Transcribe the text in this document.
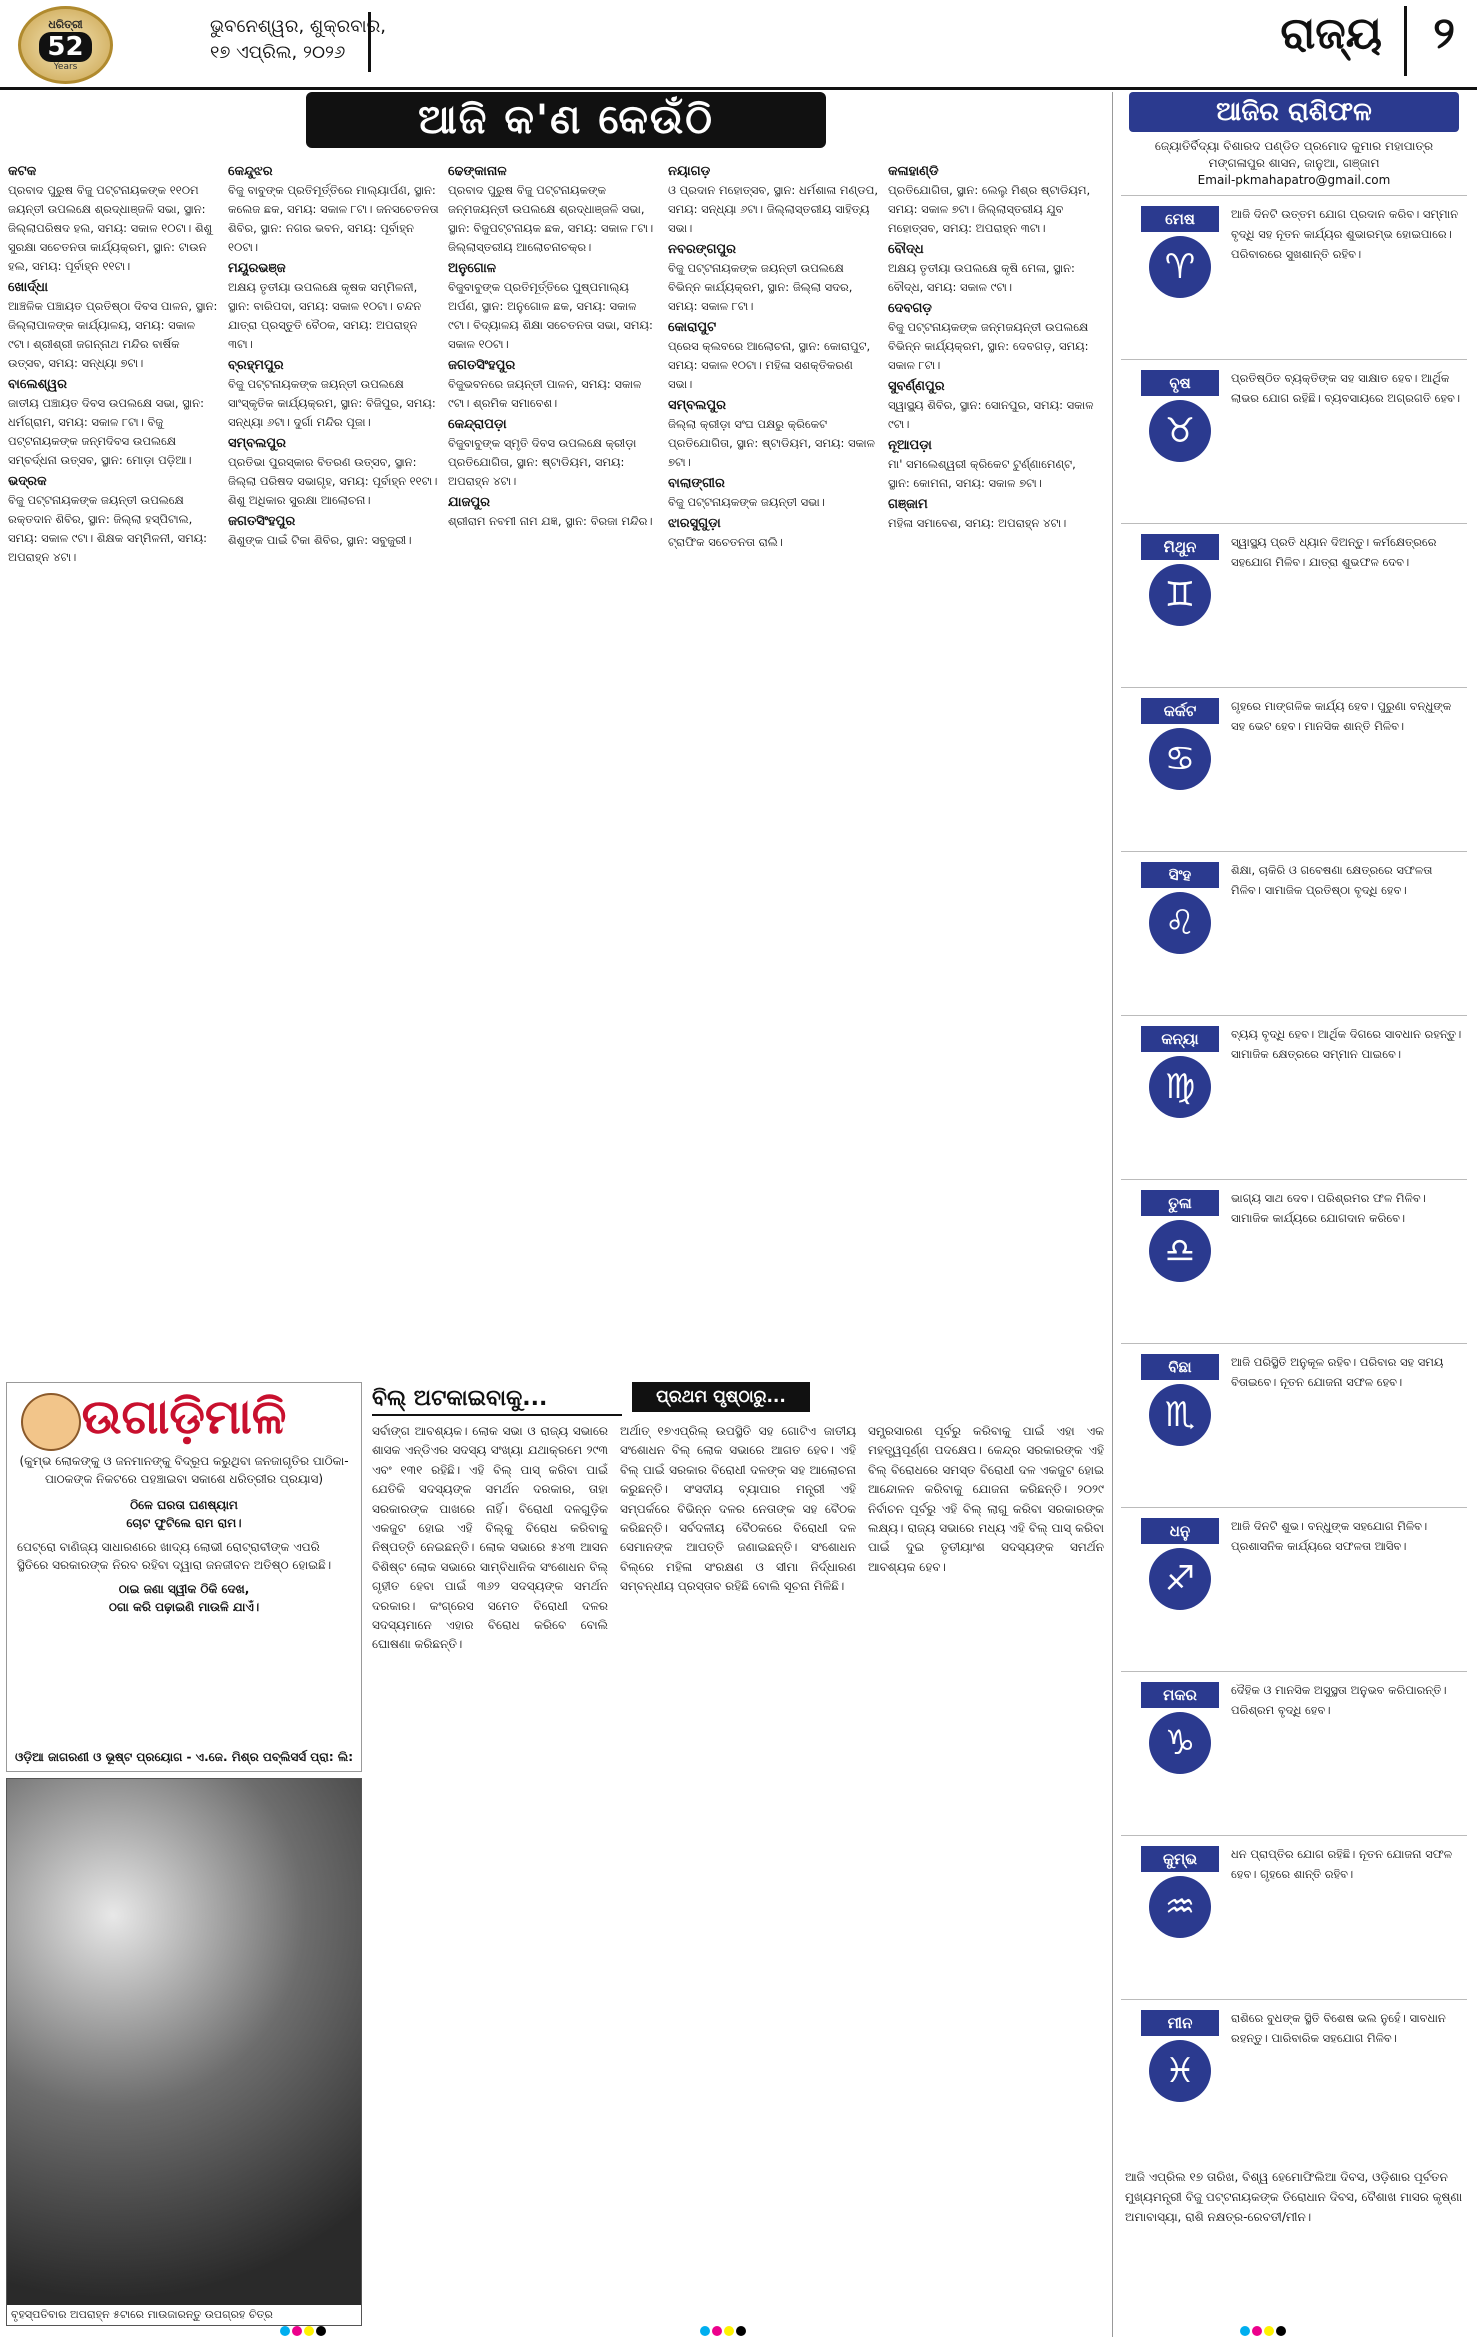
ଧରିତ୍ରୀ
52
Years
ଭୁବନେଶ୍ୱର, ଶୁକ୍ରବାର,
୧୭ ଏପ୍ରିଲ, ୨୦୨୬	ରାଜ୍ୟ ୨
ଆଜି କ'ଣ କେଉଁଠି
କଟକ

ପ୍ରବାଦ ପୁରୁଷ ବିଜୁ ପଟ୍ଟନାୟକଙ୍କ ୧୧୦ମ ଜୟନ୍ତୀ ଉପଲକ୍ଷେ ଶ୍ରଦ୍ଧାଞ୍ଜଳି ସଭା, ସ୍ଥାନ: ଜିଲ୍ଲାପରିଷଦ ହଲ, ସମୟ: ସକାଳ ୧୦ଟା। ଶିଶୁ ସୁରକ୍ଷା ସଚେତନତା କାର୍ଯ୍ୟକ୍ରମ, ସ୍ଥାନ: ଟାଉନ ହଲ, ସମୟ: ପୂର୍ବାହ୍ନ ୧୧ଟା।

ଖୋର୍ଦ୍ଧା

ଆଞ୍ଚଳିକ ପଞ୍ଚାୟତ ପ୍ରତିଷ୍ଠା ଦିବସ ପାଳନ, ସ୍ଥାନ: ଜିଲ୍ଲାପାଳଙ୍କ କାର୍ଯ୍ୟାଳୟ, ସମୟ: ସକାଳ ୯ଟା। ଶ୍ରୀଶ୍ରୀ ଜଗନ୍ନାଥ ମନ୍ଦିର ବାର୍ଷିକ ଉତ୍ସବ, ସମୟ: ସନ୍ଧ୍ୟା ୭ଟା।

ବାଲେଶ୍ୱର

ଜାତୀୟ ପଞ୍ଚାୟତ ଦିବସ ଉପଲକ୍ଷେ ସଭା, ସ୍ଥାନ: ଧର୍ମଗ୍ରାମ, ସମୟ: ସକାଳ ୮ଟା। ବିଜୁ ପଟ୍ଟନାୟକଙ୍କ ଜନ୍ମଦିବସ ଉପଲକ୍ଷେ ସମ୍ବର୍ଦ୍ଧନା ଉତ୍ସବ, ସ୍ଥାନ: ମୋଡ଼ା ପଡ଼ିଆ।

ଭଦ୍ରକ

ବିଜୁ ପଟ୍ଟନାୟକଙ୍କ ଜୟନ୍ତୀ ଉପଲକ୍ଷେ ରକ୍ତଦାନ ଶିବିର, ସ୍ଥାନ: ଜିଲ୍ଲା ହସ୍ପିଟାଲ, ସମୟ: ସକାଳ ୯ଟା। ଶିକ୍ଷକ ସମ୍ମିଳନୀ, ସମୟ: ଅପରାହ୍ନ ୪ଟା।

କେନ୍ଦୁଝର

ବିଜୁ ବାବୁଙ୍କ ପ୍ରତିମୂର୍ତ୍ତିରେ ମାଲ୍ୟାର୍ପଣ, ସ୍ଥାନ: କଲେଜ ଛକ, ସମୟ: ସକାଳ ୮ଟା। ଜନସଚେତନତା ଶିବିର, ସ୍ଥାନ: ନଗର ଭବନ, ସମୟ: ପୂର୍ବାହ୍ନ ୧୦ଟା।

ମୟୂରଭଞ୍ଜ

ଅକ୍ଷୟ ତୃତୀୟା ଉପଲକ୍ଷେ କୃଷକ ସମ୍ମିଳନୀ, ସ୍ଥାନ: ବାରିପଦା, ସମୟ: ସକାଳ ୧୦ଟା। ଚନ୍ଦନ ଯାତ୍ରା ପ୍ରସ୍ତୁତି ବୈଠକ, ସମୟ: ଅପରାହ୍ନ ୩ଟା।

ବ୍ରହ୍ମପୁର

ବିଜୁ ପଟ୍ଟନାୟକଙ୍କ ଜୟନ୍ତୀ ଉପଲକ୍ଷେ ସାଂସ୍କୃତିକ କାର୍ଯ୍ୟକ୍ରମ, ସ୍ଥାନ: ବିଜିପୁର, ସମୟ: ସନ୍ଧ୍ୟା ୬ଟା। ଦୁର୍ଗା ମନ୍ଦିର ପୂଜା।

ସମ୍ବଲପୁର

ପ୍ରତିଭା ପୁରସ୍କାର ବିତରଣ ଉତ୍ସବ, ସ୍ଥାନ: ଜିଲ୍ଲା ପରିଷଦ ସଭାଗୃହ, ସମୟ: ପୂର୍ବାହ୍ନ ୧୧ଟା। ଶିଶୁ ଅଧିକାର ସୁରକ୍ଷା ଆଲୋଚନା।

ଜଗତସିଂହପୁର

ଶିଶୁଙ୍କ ପାଇଁ ଟିକା ଶିବିର, ସ୍ଥାନ: ସବୁଜୁରୀ।

ଢେଙ୍କାନାଳ

ପ୍ରବାଦ ପୁରୁଷ ବିଜୁ ପଟ୍ଟନାୟକଙ୍କ ଜନ୍ମଜୟନ୍ତୀ ଉପଲକ୍ଷେ ଶ୍ରଦ୍ଧାଞ୍ଜଳି ସଭା, ସ୍ଥାନ: ବିଜୁପଟ୍ଟନାୟକ ଛକ, ସମୟ: ସକାଳ ୮ଟା। ଜିଲ୍ଲାସ୍ତରୀୟ ଆଲୋଚନାଚକ୍ର।

ଅନୁଗୋଳ

ବିଜୁବାବୁଙ୍କ ପ୍ରତିମୂର୍ତ୍ତିରେ ପୁଷ୍ପମାଲ୍ୟ ଅର୍ପଣ, ସ୍ଥାନ: ଅନୁଗୋଳ ଛକ, ସମୟ: ସକାଳ ୯ଟା। ବିଦ୍ୟାଳୟ ଶିକ୍ଷା ସଚେତନତା ସଭା, ସମୟ: ସକାଳ ୧୦ଟା।

ଜଗତସିଂହପୁର

ବିଜୁଭବନରେ ଜୟନ୍ତୀ ପାଳନ, ସମୟ: ସକାଳ ୯ଟା। ଶ୍ରମିକ ସମାବେଶ।

କେନ୍ଦ୍ରାପଡ଼ା

ବିଜୁବାବୁଙ୍କ ସ୍ମୃତି ଦିବସ ଉପଲକ୍ଷେ କ୍ରୀଡ଼ା ପ୍ରତିଯୋଗିତା, ସ୍ଥାନ: ଷ୍ଟାଡିୟମ, ସମୟ: ଅପରାହ୍ନ ୪ଟା।

ଯାଜପୁର

ଶ୍ରୀରାମ ନବମୀ ନାମ ଯଜ୍ଞ, ସ୍ଥାନ: ବିରଜା ମନ୍ଦିର।

ନୟାଗଡ଼

ଓ ପ୍ରଦାନ ମହୋତ୍ସବ, ସ୍ଥାନ: ଧର୍ମଶାଳା ମଣ୍ଡପ, ସମୟ: ସନ୍ଧ୍ୟା ୬ଟା। ଜିଲ୍ଲାସ୍ତରୀୟ ସାହିତ୍ୟ ସଭା।

ନବରଙ୍ଗପୁର

ବିଜୁ ପଟ୍ଟନାୟକଙ୍କ ଜୟନ୍ତୀ ଉପଲକ୍ଷେ ବିଭିନ୍ନ କାର୍ଯ୍ୟକ୍ରମ, ସ୍ଥାନ: ଜିଲ୍ଲା ସଦର, ସମୟ: ସକାଳ ୮ଟା।

କୋରାପୁଟ

ପ୍ରେସ କ୍ଲବରେ ଆଲୋଚନା, ସ୍ଥାନ: କୋରାପୁଟ, ସମୟ: ସକାଳ ୧୦ଟା। ମହିଳା ସଶକ୍ତିକରଣ ସଭା।

ସମ୍ବଲପୁର

ଜିଲ୍ଲା କ୍ରୀଡ଼ା ସଂଘ ପକ୍ଷରୁ କ୍ରିକେଟ ପ୍ରତିଯୋଗିତା, ସ୍ଥାନ: ଷ୍ଟାଡିୟମ, ସମୟ: ସକାଳ ୭ଟା।

ବାଲାଙ୍ଗୀର

ବିଜୁ ପଟ୍ଟନାୟକଙ୍କ ଜୟନ୍ତୀ ସଭା।

ଝାରସୁଗୁଡ଼ା

ଟ୍ରାଫିକ ସଚେତନତା ରାଲି।

କଳାହାଣ୍ଡି

ପ୍ରତିଯୋଗିତା, ସ୍ଥାନ: ଲେଲୁ ମିଶ୍ର ଷ୍ଟାଡିୟମ, ସମୟ: ସକାଳ ୭ଟା। ଜିଲ୍ଲାସ୍ତରୀୟ ଯୁବ ମହୋତ୍ସବ, ସମୟ: ଅପରାହ୍ନ ୩ଟା।

ବୌଦ୍ଧ

ଅକ୍ଷୟ ତୃତୀୟା ଉପଲକ୍ଷେ କୃଷି ମେଳା, ସ୍ଥାନ: ବୌଦ୍ଧ, ସମୟ: ସକାଳ ୯ଟା।

ଦେବଗଡ଼

ବିଜୁ ପଟ୍ଟନାୟକଙ୍କ ଜନ୍ମଜୟନ୍ତୀ ଉପଲକ୍ଷେ ବିଭିନ୍ନ କାର୍ଯ୍ୟକ୍ରମ, ସ୍ଥାନ: ଦେବଗଡ଼, ସମୟ: ସକାଳ ୮ଟା।

ସୁବର୍ଣ୍ଣପୁର

ସ୍ୱାସ୍ଥ୍ୟ ଶିବିର, ସ୍ଥାନ: ସୋନପୁର, ସମୟ: ସକାଳ ୯ଟା।

ନୂଆପଡ଼ା

ମା' ସମଲେଶ୍ୱରୀ କ୍ରିକେଟ ଟୁର୍ଣ୍ଣାମେଣ୍ଟ, ସ୍ଥାନ: କୋମନା, ସମୟ: ସକାଳ ୭ଟା।

ଗଞ୍ଜାମ

ମହିଳା ସମାବେଶ, ସମୟ: ଅପରାହ୍ନ ୪ଟା।

ଆଜିର ରାଶିଫଳ
ଜ୍ୟୋତିର୍ବିଦ୍ୟା ବିଶାରଦ ପଣ୍ଡିତ ପ୍ରମୋଦ କୁମାର ମହାପାତ୍ର
ମଙ୍ଗଳାପୁର ଶାସନ, ଜାନୁଆ, ଗଞ୍ଜାମ
Email-pkmahapatro@gmail.com
ମେଷ
♈
ଆଜି ଦିନଟି ଉତ୍ତମ ଯୋଗ ପ୍ରଦାନ କରିବ। ସମ୍ମାନ ବୃଦ୍ଧି ସହ ନୂତନ କାର୍ଯ୍ୟର ଶୁଭାରମ୍ଭ ହୋଇପାରେ। ପରିବାରରେ ସୁଖଶାନ୍ତି ରହିବ।
ବୃଷ
♉
ପ୍ରତିଷ୍ଠିତ ବ୍ୟକ୍ତିଙ୍କ ସହ ସାକ୍ଷାତ ହେବ। ଆର୍ଥିକ ଲାଭର ଯୋଗ ରହିଛି। ବ୍ୟବସାୟରେ ଅଗ୍ରଗତି ହେବ।
ମିଥୁନ
♊
ସ୍ୱାସ୍ଥ୍ୟ ପ୍ରତି ଧ୍ୟାନ ଦିଅନ୍ତୁ। କର୍ମକ୍ଷେତ୍ରରେ ସହଯୋଗ ମିଳିବ। ଯାତ୍ରା ଶୁଭଫଳ ଦେବ।
କର୍କଟ
♋
ଗୃହରେ ମାଙ୍ଗଳିକ କାର୍ଯ୍ୟ ହେବ। ପୁରୁଣା ବନ୍ଧୁଙ୍କ ସହ ଭେଟ ହେବ। ମାନସିକ ଶାନ୍ତି ମିଳିବ।
ସିଂହ
♌
ଶିକ୍ଷା, ଚାକିରି ଓ ଗବେଷଣା କ୍ଷେତ୍ରରେ ସଫଳତା ମିଳିବ। ସାମାଜିକ ପ୍ରତିଷ୍ଠା ବୃଦ୍ଧି ହେବ।
କନ୍ୟା
♍
ବ୍ୟୟ ବୃଦ୍ଧି ହେବ। ଆର୍ଥିକ ଦିଗରେ ସାବଧାନ ରହନ୍ତୁ। ସାମାଜିକ କ୍ଷେତ୍ରରେ ସମ୍ମାନ ପାଇବେ।
ତୁଳା
♎
ଭାଗ୍ୟ ସାଥ ଦେବ। ପରିଶ୍ରମର ଫଳ ମିଳିବ। ସାମାଜିକ କାର୍ଯ୍ୟରେ ଯୋଗଦାନ କରିବେ।
ବିଛା
♏
ଆଜି ପରିସ୍ଥିତି ଅନୁକୂଳ ରହିବ। ପରିବାର ସହ ସମୟ ବିତାଇବେ। ନୂତନ ଯୋଜନା ସଫଳ ହେବ।
ଧନୁ
♐
ଆଜି ଦିନଟି ଶୁଭ। ବନ୍ଧୁଙ୍କ ସହଯୋଗ ମିଳିବ। ପ୍ରଶାସନିକ କାର୍ଯ୍ୟରେ ସଫଳତା ଆସିବ।
ମକର
♑
ଦୈହିକ ଓ ମାନସିକ ଅସୁସ୍ଥତା ଅନୁଭବ କରିପାରନ୍ତି। ପରିଶ୍ରମ ବୃଦ୍ଧି ହେବ।
କୁମ୍ଭ
♒
ଧନ ପ୍ରାପ୍ତିର ଯୋଗ ରହିଛି। ନୂତନ ଯୋଜନା ସଫଳ ହେବ। ଗୃହରେ ଶାନ୍ତି ରହିବ।
ମୀନ
♓
ରାଶିରେ ବୁଧଙ୍କ ସ୍ଥିତି ବିଶେଷ ଭଲ ନୁହେଁ। ସାବଧାନ ରହନ୍ତୁ। ପାରିବାରିକ ସହଯୋଗ ମିଳିବ।
ଆଜି ଏପ୍ରିଲ ୧୭ ତାରିଖ, ବିଶ୍ୱ ହେମୋଫିଲିଆ ଦିବସ, ଓଡ଼ିଶାର ପୂର୍ବତନ ମୁଖ୍ୟମନ୍ତ୍ରୀ ବିଜୁ ପଟ୍ଟନାୟକଙ୍କ ତିରୋଧାନ ଦିବସ, ବୈଶାଖ ମାସର କୃଷ୍ଣା ଅମାବାସ୍ୟା, ରାଶି ନକ୍ଷତ୍ର-ରେବତୀ/ମୀନ।
ଉଗାଡ଼ିମାଳି

(କୁମ୍ଭ ଲୋକଙ୍କୁ ଓ ଜନମାନଙ୍କୁ ବିଦ୍ରୂପ କରୁଥିବା ଜନଜାଗୃତିର ପାଠିକା-ପାଠକଙ୍କ ନିକଟରେ ପହଞ୍ଚାଇବା ସକାଶେ ଧରିତ୍ରୀର ପ୍ରୟାସ)

ଠିଳେ ଘରତା ଘଣଷ୍ୟାମ

ଚୋଟ ଫୁଟିଲେ ରାମ ରାମ।

ପେଟ୍ରୋ ବାଣିଜ୍ୟ ସାଧାରଣରେ ଖାଦ୍ୟ ଲୋଭୀ ରୋଟ୍ରାବୀଙ୍କ ଏପରି ସ୍ଥିତିରେ ସରକାରଙ୍କ ନିରବ ରହିବା ଦ୍ୱାରା ଜନଜୀବନ ଅତିଷ୍ଠ ହୋଇଛି।

ଠାଇ ଜଣା ସ୍ୱୀକ ଠିକି ଦେଖ,

ଠଗା କରି ପଢ଼ାଇଣି ମାଉଳି ଯାଏଁ।

ଓଡ଼ିଆ ଜାଗରଣୀ ଓ ଭୂଷ୍ଟ ପ୍ରୟୋଗ - ଏ.ଜେ. ମିଶ୍ର ପବ୍ଲିସର୍ସ ପ୍ରା: ଲି:
ବୃହସ୍ପତିବାର ଅପରାହ୍ନ ୫ଟାରେ ମାଉଜାରନ୍ତୁ ଉପଗ୍ରହ ଚିତ୍ର
ବିଲ୍ ଅଟକାଇବାକୁ...	ପ୍ରଥମ ପୃଷ୍ଠାରୁ...
ସର୍ବାଙ୍ଗ ଆବଶ୍ୟକ। ଲୋକ ସଭା ଓ ରାଜ୍ୟ ସଭାରେ ଶାସକ ଏନ୍‌ଡିଏର ସଦସ୍ୟ ସଂଖ୍ୟା ଯଥାକ୍ରମେ ୨୯୩ ଏବଂ ୧୩୧ ରହିଛି। ଏହି ବିଲ୍ ପାସ୍ କରିବା ପାଇଁ ଯେତିକି ସଦସ୍ୟଙ୍କ ସମର୍ଥନ ଦରକାର, ତାହା ସରକାରଙ୍କ ପାଖରେ ନାହିଁ। ବିରୋଧୀ ଦଳଗୁଡ଼ିକ ଏକଜୁଟ ହୋଇ ଏହି ବିଲ୍‌କୁ ବିରୋଧ କରିବାକୁ ନିଷ୍ପତ୍ତି ନେଇଛନ୍ତି। ଲୋକ ସଭାରେ ୫୪୩ ଆସନ ବିଶିଷ୍ଟ ଲୋକ ସଭାରେ ସାମ୍ବିଧାନିକ ସଂଶୋଧନ ବିଲ୍ ଗୃହୀତ ହେବା ପାଇଁ ୩୬୨ ସଦସ୍ୟଙ୍କ ସମର୍ଥନ ଦରକାର। କଂଗ୍ରେସ ସମେତ ବିରୋଧୀ ଦଳର ସଦସ୍ୟମାନେ ଏହାର ବିରୋଧ କରିବେ ବୋଲି ଘୋଷଣା କରିଛନ୍ତି।
ଅର୍ଥାତ୍ ୧୭ଏପ୍ରିଲ୍ ଉପସ୍ଥିତି ସହ ଗୋଟିଏ ଜାତୀୟ ସଂଶୋଧନ ବିଲ୍ ଲୋକ ସଭାରେ ଆଗତ ହେବ। ଏହି ବିଲ୍ ପାଇଁ ସରକାର ବିରୋଧୀ ଦଳଙ୍କ ସହ ଆଲୋଚନା କରୁଛନ୍ତି। ସଂସଦୀୟ ବ୍ୟାପାର ମନ୍ତ୍ରୀ ଏହି ସମ୍ପର୍କରେ ବିଭିନ୍ନ ଦଳର ନେତାଙ୍କ ସହ ବୈଠକ କରିଛନ୍ତି। ସର୍ବଦଳୀୟ ବୈଠକରେ ବିରୋଧୀ ଦଳ ସେମାନଙ୍କ ଆପତ୍ତି ଜଣାଇଛନ୍ତି। ସଂଶୋଧନ ବିଲ୍‌ରେ ମହିଳା ସଂରକ୍ଷଣ ଓ ସୀମା ନିର୍ଦ୍ଧାରଣ ସମ୍ବନ୍ଧୀୟ ପ୍ରସ୍ତାବ ରହିଛି ବୋଲି ସୂଚନା ମିଳିଛି।
ସମ୍ପ୍ରସାରଣ ପୂର୍ବରୁ କରିବାକୁ ପାଇଁ ଏହା ଏକ ମହତ୍ତ୍ୱପୂର୍ଣ୍ଣ ପଦକ୍ଷେପ। କେନ୍ଦ୍ର ସରକାରଙ୍କ ଏହି ବିଲ୍ ବିରୋଧରେ ସମସ୍ତ ବିରୋଧୀ ଦଳ ଏକଜୁଟ ହୋଇ ଆନ୍ଦୋଳନ କରିବାକୁ ଯୋଜନା କରିଛନ୍ତି। ୨୦୨୯ ନିର୍ବାଚନ ପୂର୍ବରୁ ଏହି ବିଲ୍ ଲାଗୁ କରିବା ସରକାରଙ୍କ ଲକ୍ଷ୍ୟ। ରାଜ୍ୟ ସଭାରେ ମଧ୍ୟ ଏହି ବିଲ୍ ପାସ୍ କରିବା ପାଇଁ ଦୁଇ ତୃତୀୟାଂଶ ସଦସ୍ୟଙ୍କ ସମର୍ଥନ ଆବଶ୍ୟକ ହେବ।
